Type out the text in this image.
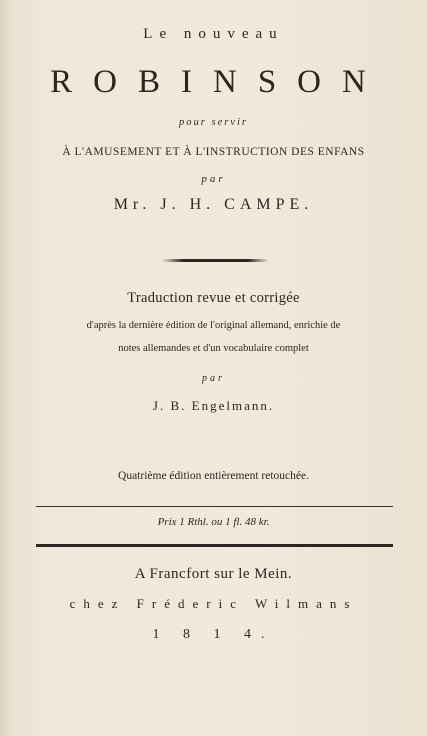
Le nouveau
ROBINSON
pour servir
À L'AMUSEMENT ET À L'INSTRUCTION DES ENFANS
par
Mr. J. H. CAMPE.
Traduction revue et corrigée
d'après la dernière édition de l'original allemand, enrichie de
notes allemandes et d'un vocabulaire complet
par
J. B. Engelmann.
Quatrième édition entièrement retouchée.
Prix 1 Rthl. ou 1 fl. 48 kr.
A Francfort sur le Mein.
chez Fréderic Wilmans
1 8 1 4.
